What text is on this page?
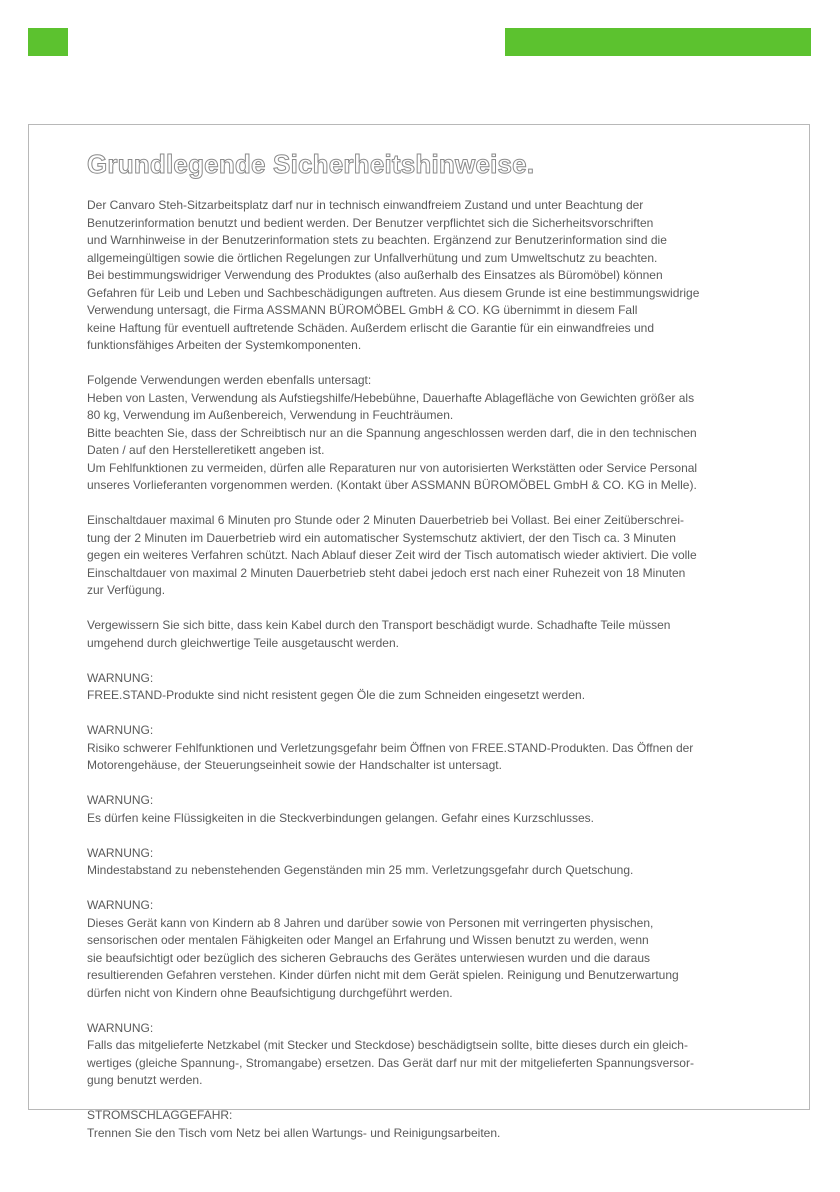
Grundlegende Sicherheitshinweise.

Der Canvaro Steh-Sitzarbeitsplatz darf nur in technisch einwandfreiem Zustand und unter Beachtung der
Benutzerinformation benutzt und bedient werden. Der Benutzer verpflichtet sich die Sicherheitsvorschriften
und Warnhinweise in der Benutzerinformation stets zu beachten. Ergänzend zur Benutzerinformation sind die
allgemeingültigen sowie die örtlichen Regelungen zur Unfallverhütung und zum Umweltschutz zu beachten.
Bei bestimmungswidriger Verwendung des Produktes (also außerhalb des Einsatzes als Büromöbel) können
Gefahren für Leib und Leben und Sachbeschädigungen auftreten. Aus diesem Grunde ist eine bestimmungswidrige
Verwendung untersagt, die Firma ASSMANN BÜROMÖBEL GmbH & CO. KG übernimmt in diesem Fall
keine Haftung für eventuell auftretende Schäden. Außerdem erlischt die Garantie für ein einwandfreies und
funktionsfähiges Arbeiten der Systemkomponenten.

Folgende Verwendungen werden ebenfalls untersagt:
Heben von Lasten, Verwendung als Aufstiegshilfe/Hebebühne, Dauerhafte Ablagefläche von Gewichten größer als
80 kg, Verwendung im Außenbereich, Verwendung in Feuchträumen.
Bitte beachten Sie, dass der Schreibtisch nur an die Spannung angeschlossen werden darf, die in den technischen
Daten / auf den Herstelleretikett angeben ist.
Um Fehlfunktionen zu vermeiden, dürfen alle Reparaturen nur von autorisierten Werkstätten oder Service Personal
unseres Vorlieferanten vorgenommen werden. (Kontakt über ASSMANN BÜROMÖBEL GmbH & CO. KG in Melle).

Einschaltdauer maximal 6 Minuten pro Stunde oder 2 Minuten Dauerbetrieb bei Vollast. Bei einer Zeitüberschrei-
tung der 2 Minuten im Dauerbetrieb wird ein automatischer Systemschutz aktiviert, der den Tisch ca. 3 Minuten
gegen ein weiteres Verfahren schützt. Nach Ablauf dieser Zeit wird der Tisch automatisch wieder aktiviert. Die volle
Einschaltdauer von maximal 2 Minuten Dauerbetrieb steht dabei jedoch erst nach einer Ruhezeit von 18 Minuten
zur Verfügung.

Vergewissern Sie sich bitte, dass kein Kabel durch den Transport beschädigt wurde. Schadhafte Teile müssen
umgehend durch gleichwertige Teile ausgetauscht werden.

WARNUNG:
FREE.STAND-Produkte sind nicht resistent gegen Öle die zum Schneiden eingesetzt werden.

WARNUNG:
Risiko schwerer Fehlfunktionen und Verletzungsgefahr beim Öffnen von FREE.STAND-Produkten. Das Öffnen der
Motorengehäuse, der Steuerungseinheit sowie der Handschalter ist untersagt.

WARNUNG:
Es dürfen keine Flüssigkeiten in die Steckverbindungen gelangen. Gefahr eines Kurzschlusses.

WARNUNG:
Mindestabstand zu nebenstehenden Gegenständen min 25 mm. Verletzungsgefahr durch Quetschung.

WARNUNG:
Dieses Gerät kann von Kindern ab 8 Jahren und darüber sowie von Personen mit verringerten physischen,
sensorischen oder mentalen Fähigkeiten oder Mangel an Erfahrung und Wissen benutzt zu werden, wenn
sie beaufsichtigt oder bezüglich des sicheren Gebrauchs des Gerätes unterwiesen wurden und die daraus
resultierenden Gefahren verstehen. Kinder dürfen nicht mit dem Gerät spielen. Reinigung und Benutzerwartung
dürfen nicht von Kindern ohne Beaufsichtigung durchgeführt werden.

WARNUNG:
Falls das mitgelieferte Netzkabel (mit Stecker und Steckdose) beschädigtsein sollte, bitte dieses durch ein gleich-
wertiges (gleiche Spannung-, Stromangabe) ersetzen. Das Gerät darf nur mit der mitgelieferten Spannungsversor-
gung benutzt werden.

STROMSCHLAGGEFAHR:
Trennen Sie den Tisch vom Netz bei allen Wartungs- und Reinigungsarbeiten.
